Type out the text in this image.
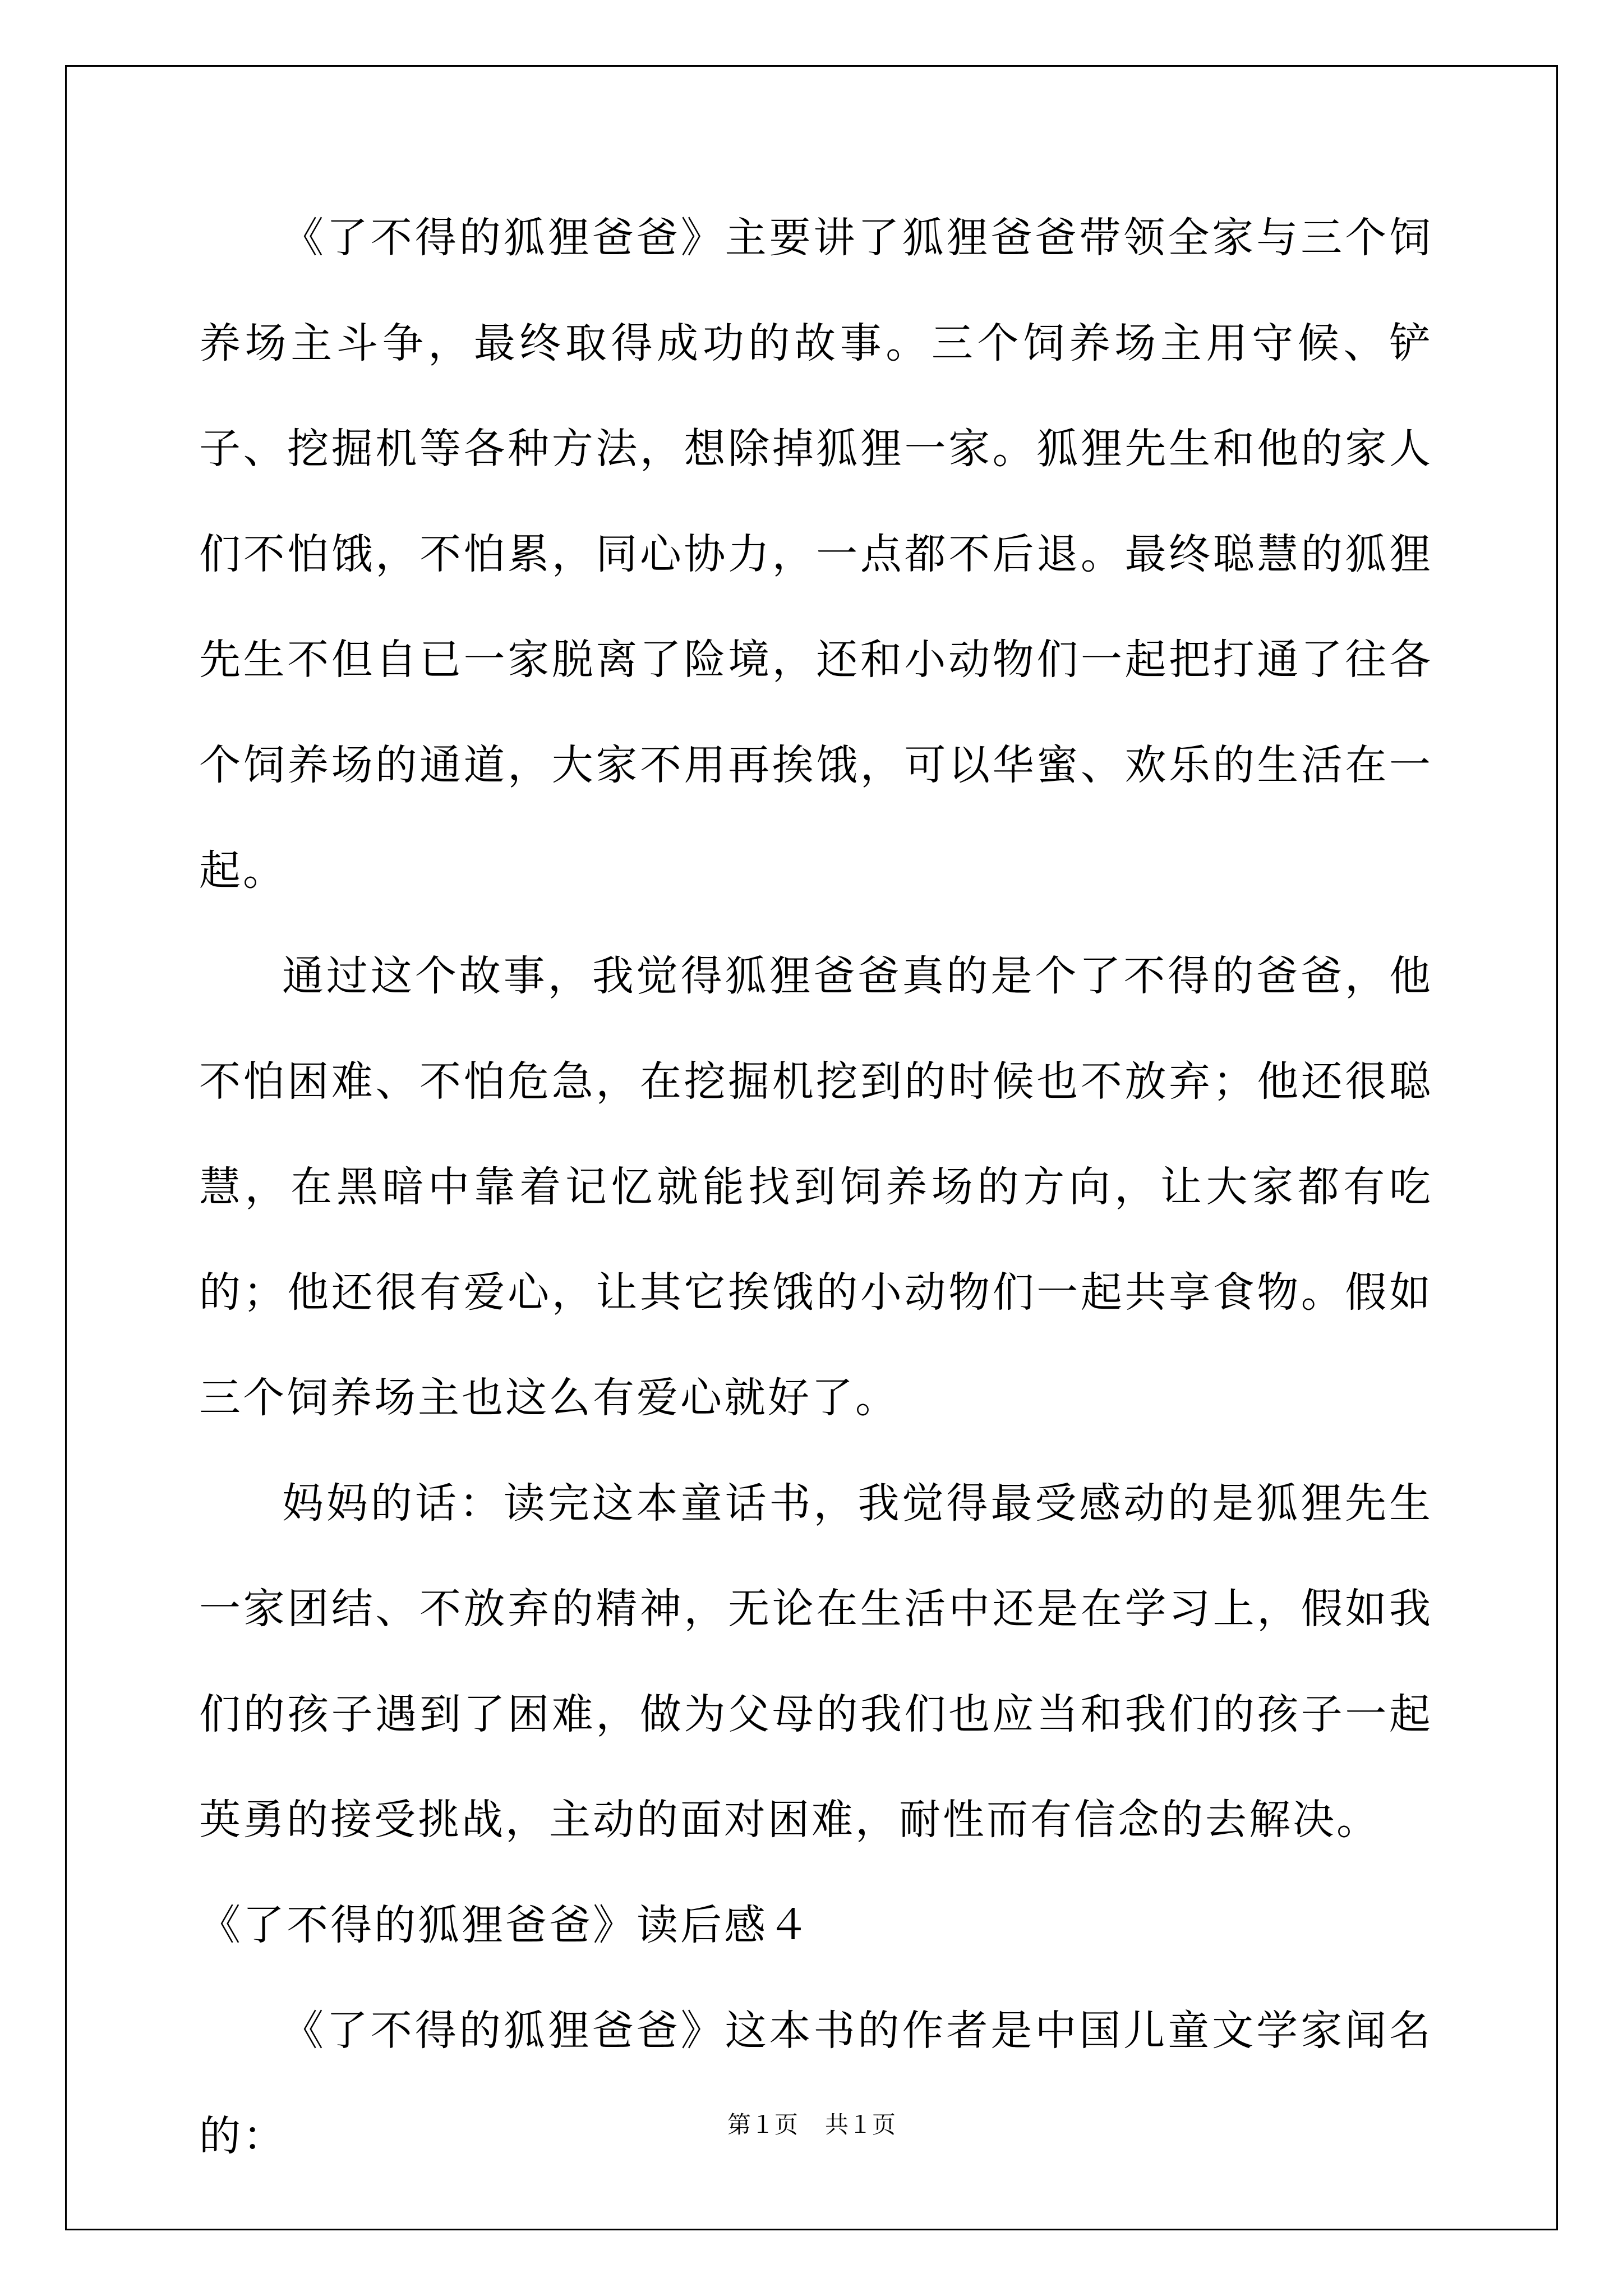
《了不得的狐狸爸爸》主要讲了狐狸爸爸带领全家与三个饲养场主斗争，最终取得成功的故事。三个饲养场主用守候、铲子、挖掘机等各种方法，想除掉狐狸一家。狐狸先生和他的家人们不怕饿，不怕累，同心协力，一点都不后退。最终聪慧的狐狸先生不但自已一家脱离了险境，还和小动物们一起把打通了往各个饲养场的通道，大家不用再挨饿，可以华蜜、欢乐的生活在一起。

通过这个故事，我觉得狐狸爸爸真的是个了不得的爸爸，他不怕困难、不怕危急，在挖掘机挖到的时候也不放弃；他还很聪慧，在黑暗中靠着记忆就能找到饲养场的方向，让大家都有吃的；他还很有爱心，让其它挨饿的小动物们一起共享食物。假如三个饲养场主也这么有爱心就好了。

妈妈的话：读完这本童话书，我觉得最受感动的是狐狸先生一家团结、不放弃的精神，无论在生活中还是在学习上，假如我们的孩子遇到了困难，做为父母的我们也应当和我们的孩子一起英勇的接受挑战，主动的面对困难，耐性而有信念的去解决。

《了不得的狐狸爸爸》读后感４

《了不得的狐狸爸爸》这本书的作者是中国儿童文学家闻名的：	第１页 共１页
